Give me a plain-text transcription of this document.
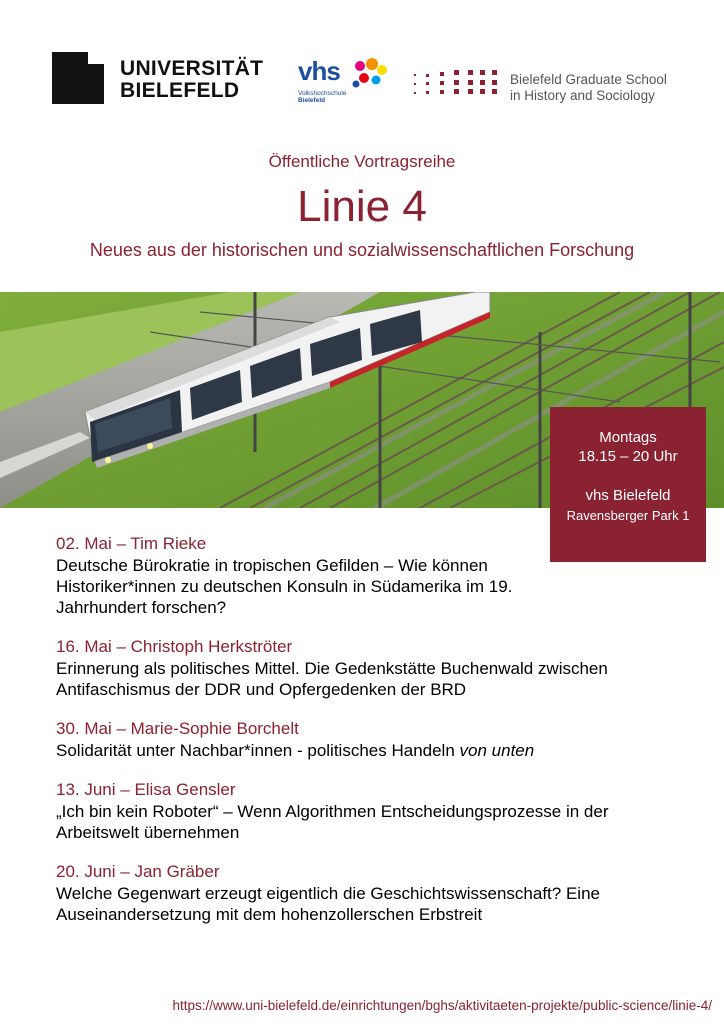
UNIVERSITÄT
BIELEFELD
vhs
Volkshochschule
Bielefeld
Bielefeld Graduate School
in History and Sociology
Öffentliche Vortragsreihe
Linie 4
Neues aus der historischen und sozialwissenschaftlichen Forschung
Montags
18.15 – 20 Uhr
vhs Bielefeld
Ravensberger Park 1
02. Mai – Tim Rieke
Deutsche Bürokratie in tropischen Gefilden – Wie können Historiker*innen zu deutschen Konsuln in Südamerika im 19. Jahrhundert forschen?
16. Mai – Christoph Herkströter
Erinnerung als politisches Mittel. Die Gedenkstätte Buchenwald zwischen Antifaschismus der DDR und Opfergedenken der BRD
30. Mai – Marie-Sophie Borchelt
Solidarität unter Nachbar*innen - politisches Handeln von unten
13. Juni – Elisa Gensler
„Ich bin kein Roboter“ – Wenn Algorithmen Entscheidungsprozesse in der Arbeitswelt übernehmen
20. Juni – Jan Gräber
Welche Gegenwart erzeugt eigentlich die Geschichtswissenschaft? Eine Auseinandersetzung mit dem hohenzollerschen Erbstreit
https://www.uni-bielefeld.de/einrichtungen/bghs/aktivitaeten-projekte/public-science/linie-4/
